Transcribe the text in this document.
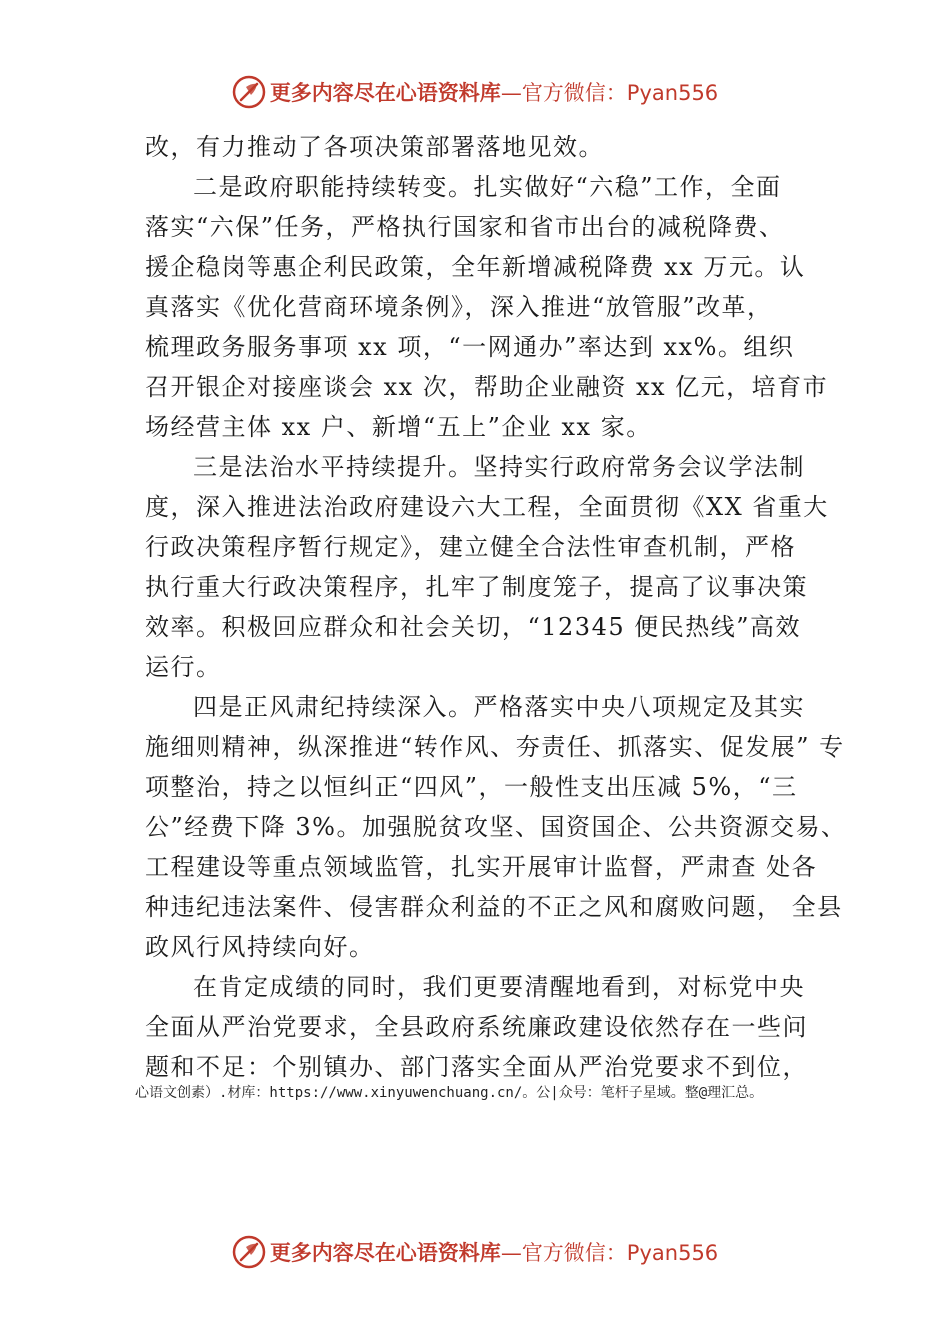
更多内容尽在心语资料库 —官方微信：Pyan556
改，有力推动了各项决策部署落地见效。
二是政府职能持续转变。扎实做好“六稳”工作，全面
落实“六保”任务，严格执行国家和省市出台的减税降费、
援企稳岗等惠企利民政策，全年新增减税降费 xx 万元。认
真落实《优化营商环境条例》，深入推进“放管服”改革，
梳理政务服务事项 xx 项，“一网通办”率达到 xx%。组织
召开银企对接座谈会 xx 次，帮助企业融资 xx 亿元，培育市
场经营主体 xx 户、新增“五上”企业 xx 家。
三是法治水平持续提升。坚持实行政府常务会议学法制
度，深入推进法治政府建设六大工程，全面贯彻《XX 省重大
行政决策程序暂行规定》，建立健全合法性审查机制，严格
执行重大行政决策程序，扎牢了制度笼子，提高了议事决策
效率。积极回应群众和社会关切，“12345 便民热线”高效
运行。
四是正风肃纪持续深入。严格落实中央八项规定及其实
施细则精神，纵深推进“转作风、夯责任、抓落实、促发展” 专
项整治，持之以恒纠正“四风”，一般性支出压减 5%，“三
公”经费下降 3%。加强脱贫攻坚、国资国企、公共资源交易、
工程建设等重点领域监管，扎实开展审计监督，严肃查 处各
种违纪违法案件、侵害群众利益的不正之风和腐败问题， 全县
政风行风持续向好。
在肯定成绩的同时，我们更要清醒地看到，对标党中央
全面从严治党要求，全县政府系统廉政建设依然存在一些问
题和不足：个别镇办、部门落实全面从严治党要求不到位，
心语文创素）.材库：https://www.xinyuwenchuang.cn/。公|众号：笔杆子星域。整@理汇总。
更多内容尽在心语资料库 —官方微信：Pyan556
